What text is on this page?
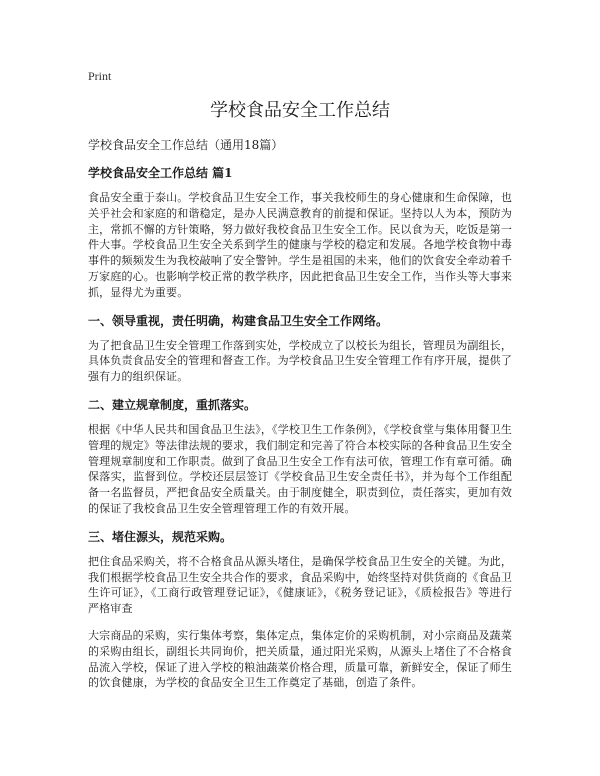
Print
学校食品安全工作总结
学校食品安全工作总结（通用18篇）
学校食品安全工作总结 篇1

食品安全重于泰山。学校食品卫生安全工作，事关我校师生的身心健康和生命保障，也关乎社会和家庭的和谐稳定，是办人民满意教育的前提和保证。坚持以人为本，预防为主，常抓不懈的方针策略，努力做好我校食品卫生安全工作。民以食为天，吃饭是第一件大事。学校食品卫生安全关系到学生的健康与学校的稳定和发展。各地学校食物中毒事件的频频发生为我校敲响了安全警钟。学生是祖国的未来，他们的饮食安全牵动着千万家庭的心。也影响学校正常的教学秩序，因此把食品卫生安全工作，当作头等大事来抓，显得尤为重要。

一、领导重视，责任明确，构建食品卫生安全工作网络。

为了把食品卫生安全管理工作落到实处，学校成立了以校长为组长，管理员为副组长，具体负责食品安全的管理和督查工作。为学校食品卫生安全管理工作有序开展，提供了强有力的组织保证。

二、建立规章制度，重抓落实。

根据《中华人民共和国食品卫生法》，《学校卫生工作条例》，《学校食堂与集体用餐卫生管理的规定》等法律法规的要求，我们制定和完善了符合本校实际的各种食品卫生安全管理规章制度和工作职责。做到了食品卫生安全工作有法可依，管理工作有章可循。确保落实，监督到位。学校还层层签订《学校食品卫生安全责任书》，并为每个工作组配备一名监督员，严把食品安全质量关。由于制度健全，职责到位，责任落实，更加有效的保证了我校食品卫生安全管理管理工作的有效开展。

三、堵住源头，规范采购。

把住食品采购关，将不合格食品从源头堵住，是确保学校食品卫生安全的关键。为此，我们根据学校食品卫生安全共合作的要求，食品采购中，始终坚持对供货商的《食品卫生许可证》，《工商行政管理登记证》，《健康证》，《税务登记证》，《质检报告》等进行严格审查

大宗商品的采购，实行集体考察，集体定点，集体定价的采购机制，对小宗商品及蔬菜的采购由组长，副组长共同询价，把关质量，通过阳光采购，从源头上堵住了不合格食品流入学校，保证了进入学校的粮油蔬菜价格合理，质量可靠，新鲜安全，保证了师生的饮食健康，为学校的食品安全卫生工作奠定了基础，创造了条件。
